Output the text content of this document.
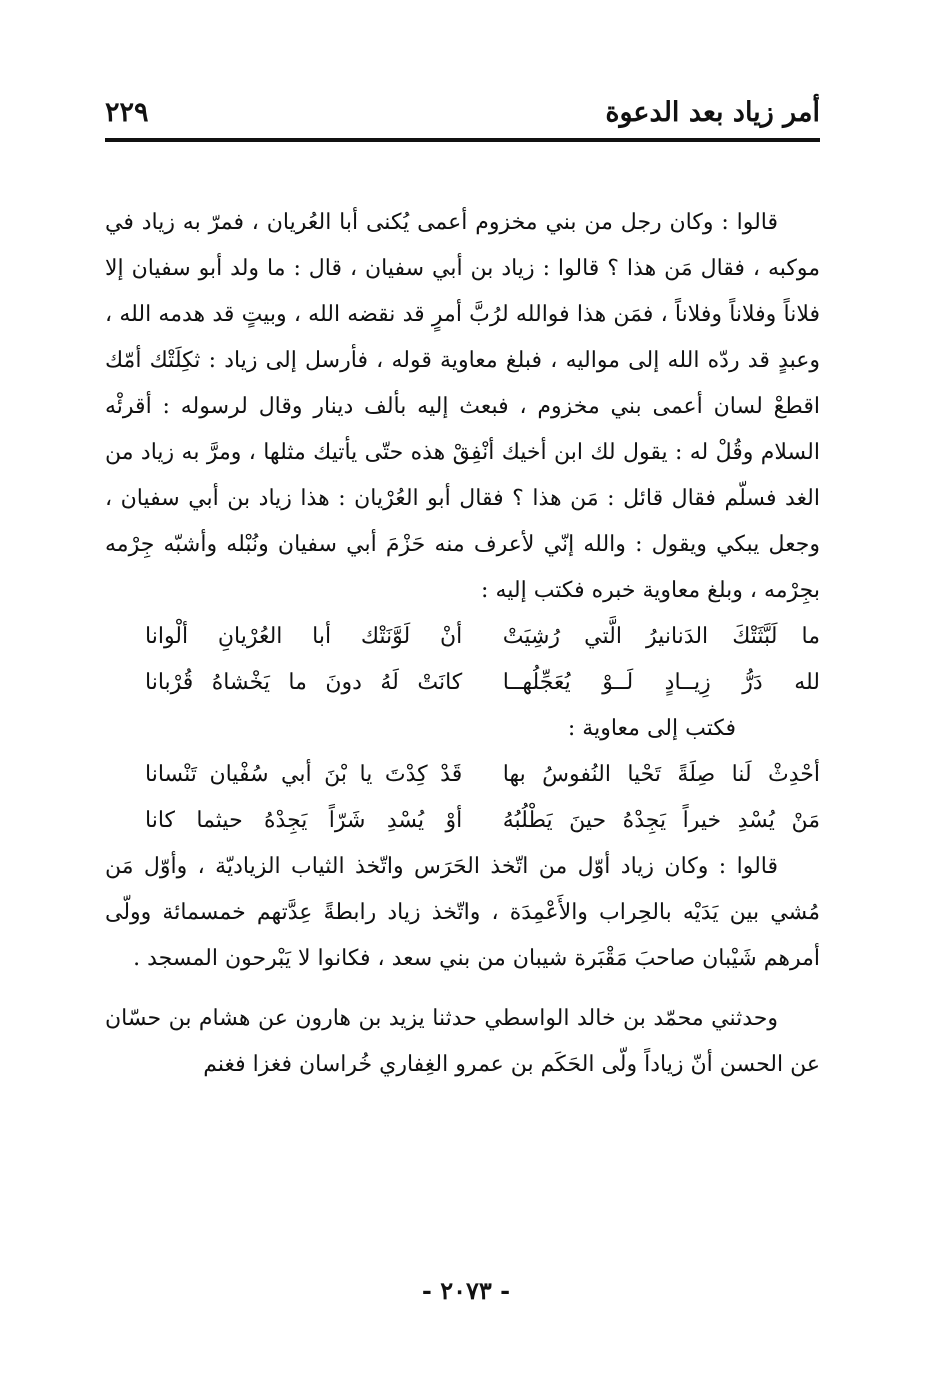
أمر زياد بعد الدعوة
٢٢٩

قالوا : وكان رجل من بني مخزوم أعمى يُكنى أبا العُريان ، فمرّ به زياد في موكبه ، فقال مَن هذا ؟ قالوا : زياد بن أبي سفيان ، قال : ما ولد أبو سفيان إلا فلاناً وفلاناً وفلاناً ، فمَن هذا فوالله لرُبَّ أمرٍ قد نقضه الله ، وبيتٍ قد هدمه الله ، وعبدٍ قد ردّه الله إلى مواليه ، فبلغ معاوية قوله ، فأرسل إلى زياد : ثكِلَتْك أمّك اقطعْ لسان أعمى بني مخزوم ، فبعث إليه بألف دينار وقال لرسوله : أقرئْه السلام وقُلْ له : يقول لك ابن أخيك أنْفِقْ هذه حتّى يأتيك مثلها ، ومرَّ به زياد من الغد فسلّم فقال قائل : مَن هذا ؟ فقال أبو العُرْيان : هذا زياد بن أبي سفيان ، وجعل يبكي ويقول : والله إنّي لأعرف منه حَزْمَ أبي سفيان ونُبْله وأشبّه جِرْمه بجِرْمه ، وبلغ معاوية خبره فكتب إليه :

ما لَبَّثَتْكَ الدَنانيرُ الَّتي رُشِيَتْ
أنْ لَوَّنَتْك أبا العُرْيانِ ألْوانا
لله دَرُّ زِيــادٍ لَــوْ يُعَجِّلُهــا
كانَتْ لَهُ دونَ ما يَخْشاهُ قُرْبانا

فكتب إلى معاوية :

أحْدِثْ لَنا صِلَةً تَحْيا النُفوسُ بها
قَدْ كِدْتَ يا بْنَ أبي سُفْيان تَنْسانا
مَنْ يُسْدِ خيراً يَجِدْهُ حينَ يَطْلُبُهُ
أوْ يُسْدِ شَرّاً يَجِدْهُ حيثما كانا

قالوا : وكان زياد أوّل من اتّخذ الحَرَس واتّخذ الثياب الزياديّة ، وأوّل مَن مُشي بين يَدَيْه بالحِراب والأَعْمِدَة ، واتّخذ زياد رابطةً عِدَّتهم خمسمائة وولّى أمرهم شَيْبان صاحبَ مَقْبَرة شيبان من بني سعد ، فكانوا لا يَبْرحون المسجد .

وحدثني محمّد بن خالد الواسطي حدثنا يزيد بن هارون عن هشام بن حسّان عن الحسن أنّ زياداً ولّى الحَكَم بن عمرو الغِفاري خُراسان فغزا فغنم

- ٢٠٧٣ -
